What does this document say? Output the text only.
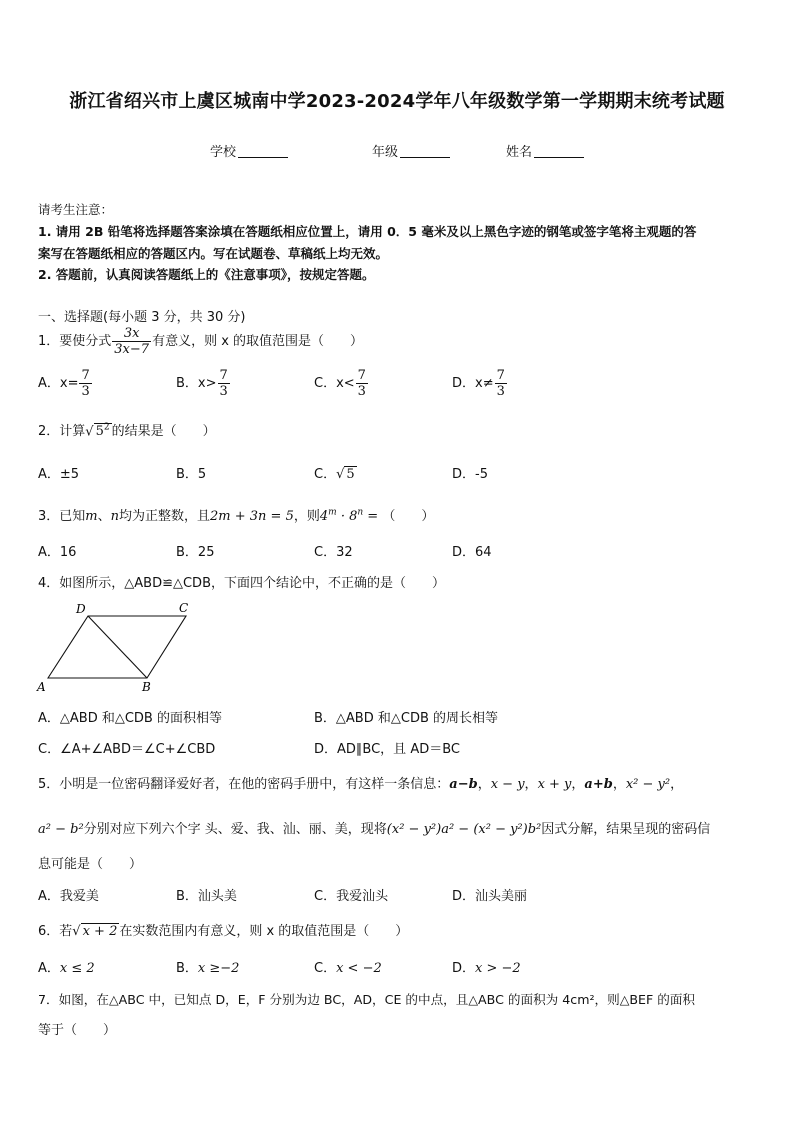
浙江省绍兴市上虞区城南中学2023-2024学年八年级数学第一学期期末统考试题
学校	年级	姓名
请考生注意：
1. 请用 2B 铅笔将选择题答案涂填在答题纸相应位置上，请用 0．5 毫米及以上黑色字迹的钢笔或签字笔将主观题的答
案写在答题纸相应的答题区内。写在试题卷、草稿纸上均无效。
2. 答题前，认真阅读答题纸上的《注意事项》，按规定答题。
一、选择题(每小题 3 分，共 30 分)
1．要使分式 $\frac{3x}{3x-7}$ 有意义，则 x 的取值范围是（　　）
A．$x= \frac{7}{3}$	B．$x> \frac{7}{3}$	C．$x< \frac{7}{3}$	D．$x\ne \frac{7}{3}$
2．计算√ $5^2$ 的结果是（　　）
A．±5	B．5	C．√ 5	D．-5
3．已知m、n均为正整数，且2m + 3n = 5，则$4^m \cdot 8^n$ = （　　）
A．16	B．25	C．32	D．64
4．如图所示，△ABD≌△CDB，下面四个结论中，不正确的是（　　）
D	C
A	B
A．△ABD 和△CDB 的面积相等	B．△ABD 和△CDB 的周长相等
C．∠A+∠ABD＝∠C+∠CBD	D．AD∥BC，且 AD＝BC
5．小明是一位密码翻译爱好者，在他的密码手册中，有这样一条信息：a−b，x − y，x + y，a+b，x² − y²，
a² − b²分别对应下列六个字 头、爱、我、汕、丽、美，现将(x² − y²)a² − (x² − y²)b²因式分解，结果呈现的密码信
息可能是（　　）
A．我爱美	B．汕头美	C．我爱汕头	D．汕头美丽
6．若√ x + 2 在实数范围内有意义，则 x 的取值范围是（　　）
A．x ≤ 2	B．x ≥−2	C．x < −2	D．x > −2
7．如图，在△ABC 中，已知点 D，E，F 分别为边 BC，AD，CE 的中点，且△ABC 的面积为 4cm²，则△BEF 的面积
等于（　　）
